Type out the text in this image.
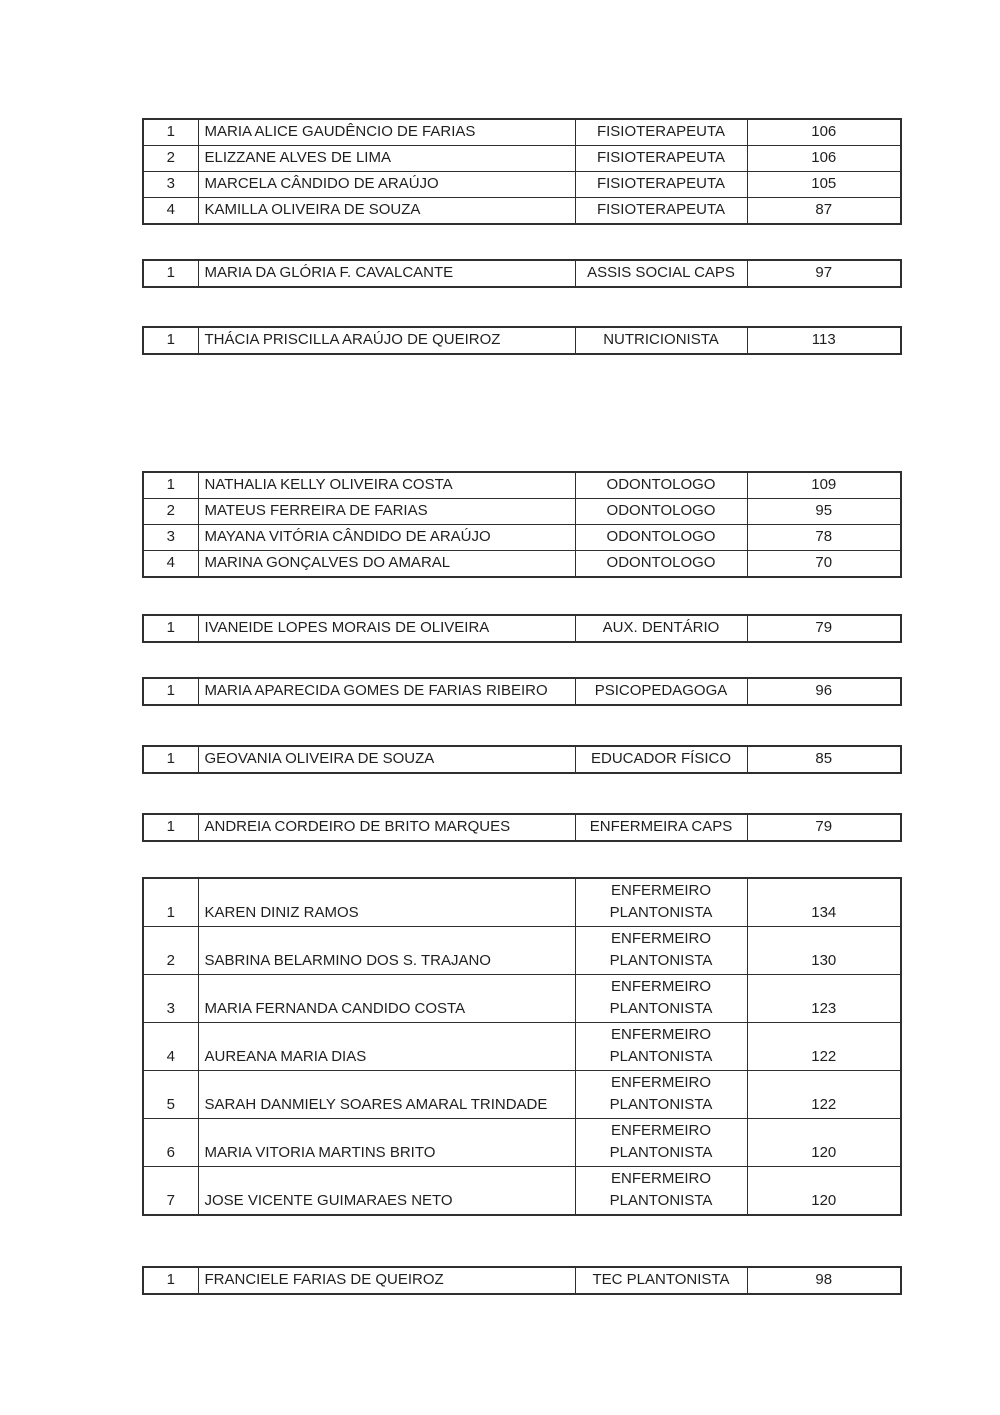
1	MARIA ALICE GAUDÊNCIO DE FARIAS	FISIOTERAPEUTA	106
2	ELIZZANE ALVES DE LIMA	FISIOTERAPEUTA	106
3	MARCELA CÂNDIDO DE ARAÚJO	FISIOTERAPEUTA	105
4	KAMILLA OLIVEIRA DE SOUZA	FISIOTERAPEUTA	87
1	MARIA DA GLÓRIA F. CAVALCANTE	ASSIS SOCIAL CAPS	97
1	THÁCIA PRISCILLA ARAÚJO DE QUEIROZ	NUTRICIONISTA	113
1	NATHALIA KELLY OLIVEIRA COSTA	ODONTOLOGO	109
2	MATEUS FERREIRA DE FARIAS	ODONTOLOGO	95
3	MAYANA VITÓRIA CÂNDIDO DE ARAÚJO	ODONTOLOGO	78
4	MARINA GONÇALVES DO AMARAL	ODONTOLOGO	70
1	IVANEIDE LOPES MORAIS DE OLIVEIRA	AUX. DENTÁRIO	79
1	MARIA APARECIDA GOMES DE FARIAS RIBEIRO	PSICOPEDAGOGA	96
1	GEOVANIA OLIVEIRA DE SOUZA	EDUCADOR FÍSICO	85
1	ANDREIA CORDEIRO DE BRITO MARQUES	ENFERMEIRA CAPS	79
1	KAREN DINIZ RAMOS	ENFERMEIRO PLANTONISTA	134
2	SABRINA BELARMINO DOS S. TRAJANO	ENFERMEIRO PLANTONISTA	130
3	MARIA FERNANDA CANDIDO COSTA	ENFERMEIRO PLANTONISTA	123
4	AUREANA MARIA DIAS	ENFERMEIRO PLANTONISTA	122
5	SARAH DANMIELY SOARES AMARAL TRINDADE	ENFERMEIRO PLANTONISTA	122
6	MARIA VITORIA MARTINS BRITO	ENFERMEIRO PLANTONISTA	120
7	JOSE VICENTE GUIMARAES NETO	ENFERMEIRO PLANTONISTA	120
1	FRANCIELE FARIAS DE QUEIROZ	TEC PLANTONISTA	98
